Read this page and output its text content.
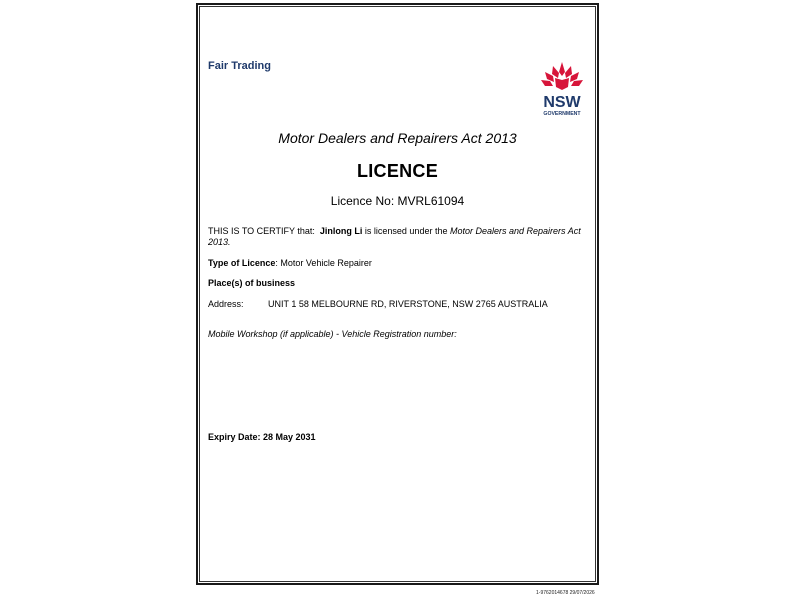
Fair Trading
NSW
GOVERNMENT
Motor Dealers and Repairers Act 2013
LICENCE
Licence No: MVRL61094
THIS IS TO CERTIFY that: Jinlong Li is licensed under the Motor Dealers and Repairers Act 2013.
Type of Licence: Motor Vehicle Repairer
Place(s) of business
Address:	UNIT 1 58 MELBOURNE RD, RIVERSTONE, NSW 2765 AUSTRALIA
Mobile Workshop (if applicable) - Vehicle Registration number:
Expiry Date: 28 May 2031
1-9762014678 29/07/2026
